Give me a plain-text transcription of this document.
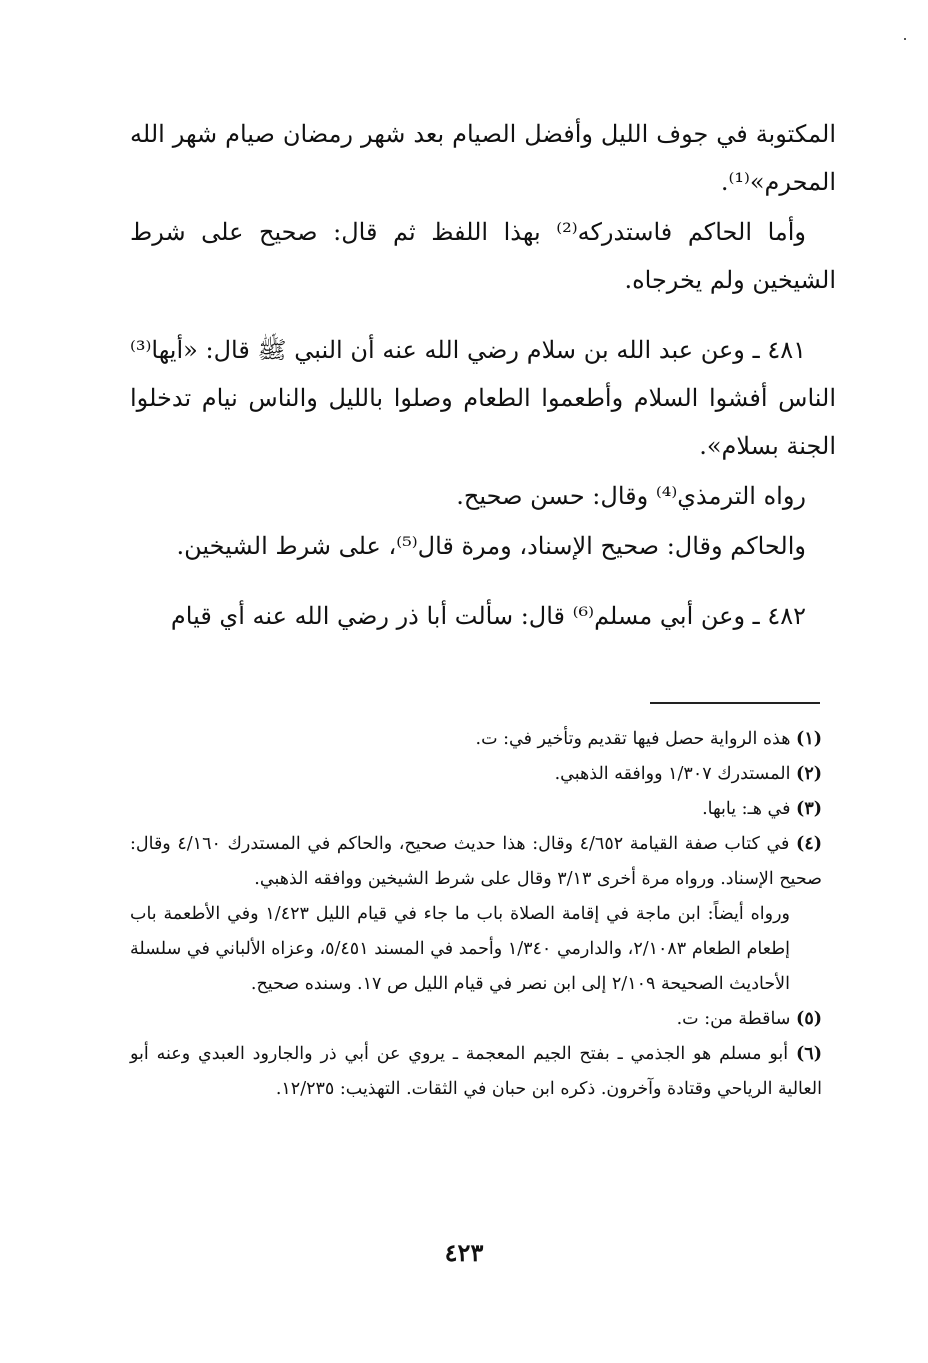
المكتوبة في جوف الليل وأفضل الصيام بعد شهر رمضان صيام شهر الله المحرم»⁽¹⁾.

وأما الحاكم فاستدركه⁽²⁾ بهذا اللفظ ثم قال: صحيح على شرط الشيخين ولم يخرجاه.

٤٨١ ـ وعن عبد الله بن سلام رضي الله عنه أن النبي ﷺ قال: «أيها⁽³⁾ الناس أفشوا السلام وأطعموا الطعام وصلوا بالليل والناس نيام تدخلوا الجنة بسلام».

رواه الترمذي⁽⁴⁾ وقال: حسن صحيح.

والحاكم وقال: صحيح الإسناد، ومرة قال⁽⁵⁾، على شرط الشيخين.

٤٨٢ ـ وعن أبي مسلم⁽⁶⁾ قال: سألت أبا ذر رضي الله عنه أي قيام

(١) هذه الرواية حصل فيها تقديم وتأخير في: ت.

(٢) المستدرك ١/٣٠٧ ووافقه الذهبي.

(٣) في هـ: يابها.

(٤) في كتاب صفة القيامة ٤/٦٥٢ وقال: هذا حديث صحيح، والحاكم في المستدرك ٤/١٦٠ وقال: صحيح الإسناد. ورواه مرة أخرى ٣/١٣ وقال على شرط الشيخين ووافقه الذهبي.

ورواه أيضاً: ابن ماجة في إقامة الصلاة باب ما جاء في قيام الليل ١/٤٢٣ وفي الأطعمة باب إطعام الطعام ٢/١٠٨٣، والدارمي ١/٣٤٠ وأحمد في المسند ٥/٤٥١، وعزاه الألباني في سلسلة الأحاديث الصحيحة ٢/١٠٩ إلى ابن نصر في قيام الليل ص ١٧. وسنده صحيح.

(٥) ساقطة من: ت.

(٦) أبو مسلم هو الجذمي ـ بفتح الجيم المعجمة ـ يروي عن أبي ذر والجارود العبدي وعنه أبو العالية الرياحي وقتادة وآخرون. ذكره ابن حبان في الثقات. التهذيب: ١٢/٢٣٥.

٤٢٣
